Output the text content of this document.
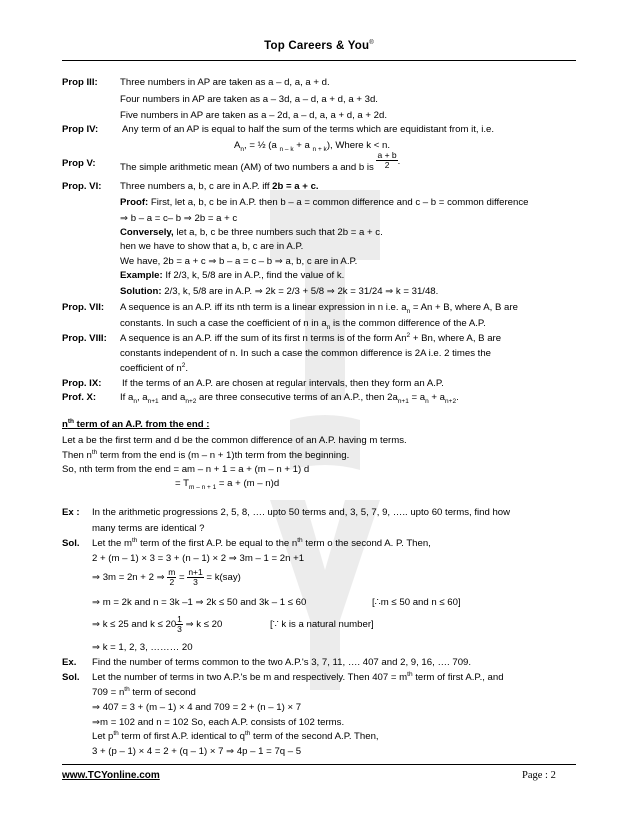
Top Careers & You®
Prop III: Three numbers in AP are taken as a – d, a, a + d.
Four numbers in AP are taken as a – 3d, a – d, a + d, a + 3d.
Five numbers in AP are taken as a – 2d, a – d, a, a + d, a + 2d.
Prop IV: Any term of an AP is equal to half the sum of the terms which are equidistant from it, i.e.
$A_n$, = ½ (a $_{n - k}$ + a $_{n + k}$), Where k < n.
Prop V:	The simple arithmetic mean (AM) of two numbers a and b is $\frac{a + b}{2}$ .
Prop. VI: Three numbers a, b, c are in A.P. iff 2b = a + c.
Proof: First, let a, b, c be in A.P. then b – a = common difference and c – b = common difference
⇒ b – a = c– b ⇒ 2b = a + c
Conversely, let a, b, c be three numbers such that 2b = a + c.
hen we have to show that a, b, c are in A.P.
We have, 2b = a + c ⇒ b – a = c – b ⇒ a, b, c are in A.P.
Example: If 2/3, k, 5/8 are in A.P., find the value of k.
Solution: 2/3, k, 5/8 are in A.P. ⇒ 2k = 2/3 + 5/8 ⇒ 2k = 31/24 ⇒ k = 31/48.
Prop. VII: A sequence is an A.P. iff its nth term is a linear expression in n i.e. $a_n = An + B$, where A, B are
constants. In such a case the coefficient of n in $a_n$ is the common difference of the A.P.
Prop. VIII: A sequence is an A.P. iff the sum of its first n terms is of the form $An^2 + Bn$, where A, B are
constants independent of n. In such a case the common difference is 2A i.e. 2 times the
coefficient of $n^2$.
Prop. IX: If the terms of an A.P. are chosen at regular intervals, then they form an A.P.
Prof. X: If $a_n$, $a_{n+1}$ and $a_{n+2}$ are three consecutive terms of an A.P., then $2a_{n+1} = a_n + a_{n+2}$.
$n^{th}$ term of an A.P. from the end :
Let a be the first term and d be the common difference of an A.P. having m terms.
Then $n^{th}$ term from the end is (m – n + 1)th term from the beginning.
So, nth term from the end = am – n + 1 = a + (m – n + 1) d
= $T_{m - n + 1} = a + (m - n)d$
Ex : In the arithmetic progressions 2, 5, 8, …. upto 50 terms and, 3, 5, 7, 9, ….. upto 60 terms, find how
many terms are identical ?
Sol. Let the $m^{th}$ term of the first A.P. be equal to the $n^{th}$ term o the second A. P. Then,
2 + (m – 1) × 3 = 3 + (n – 1) × 2 ⇒ 3m – 1 = 2n +1
⇒ 3m = 2n + 2 ⇒ $\frac{m}{2} = \frac{n+1}{3} = k(say)$
⇒ m = 2k and n = 3k –1 ⇒ 2k ≤ 50 and 3k – 1 ≤ 60	[∴m ≤ 50 and n ≤ 60]
⇒ k ≤ 25 and $k \le 20 \frac{1}{3}$ ⇒ k ≤ 20	[∵ k is a natural number]
⇒ k = 1, 2, 3, ……… 20
Ex. Find the number of terms common to the two A.P.'s 3, 7, 11, …. 407 and 2, 9, 16, …. 709.
Sol. Let the number of terms in two A.P.'s be m and respectively. Then $407 = m^{th}$ term of first A.P., and
$709 = n^{th}$ term of second
⇒ 407 = 3 + (m – 1) × 4 and 709 = 2 + (n – 1) × 7
⇒m = 102 and n = 102 So, each A.P. consists of 102 terms.
Let $p^{th}$ term of first A.P. identical to $q^{th}$ term of the second A.P. Then,
3 + (p – 1) × 4 = 2 + (q – 1) × 7 ⇒ 4p – 1 = 7q – 5
www.TCYonline.com	Page : 2
